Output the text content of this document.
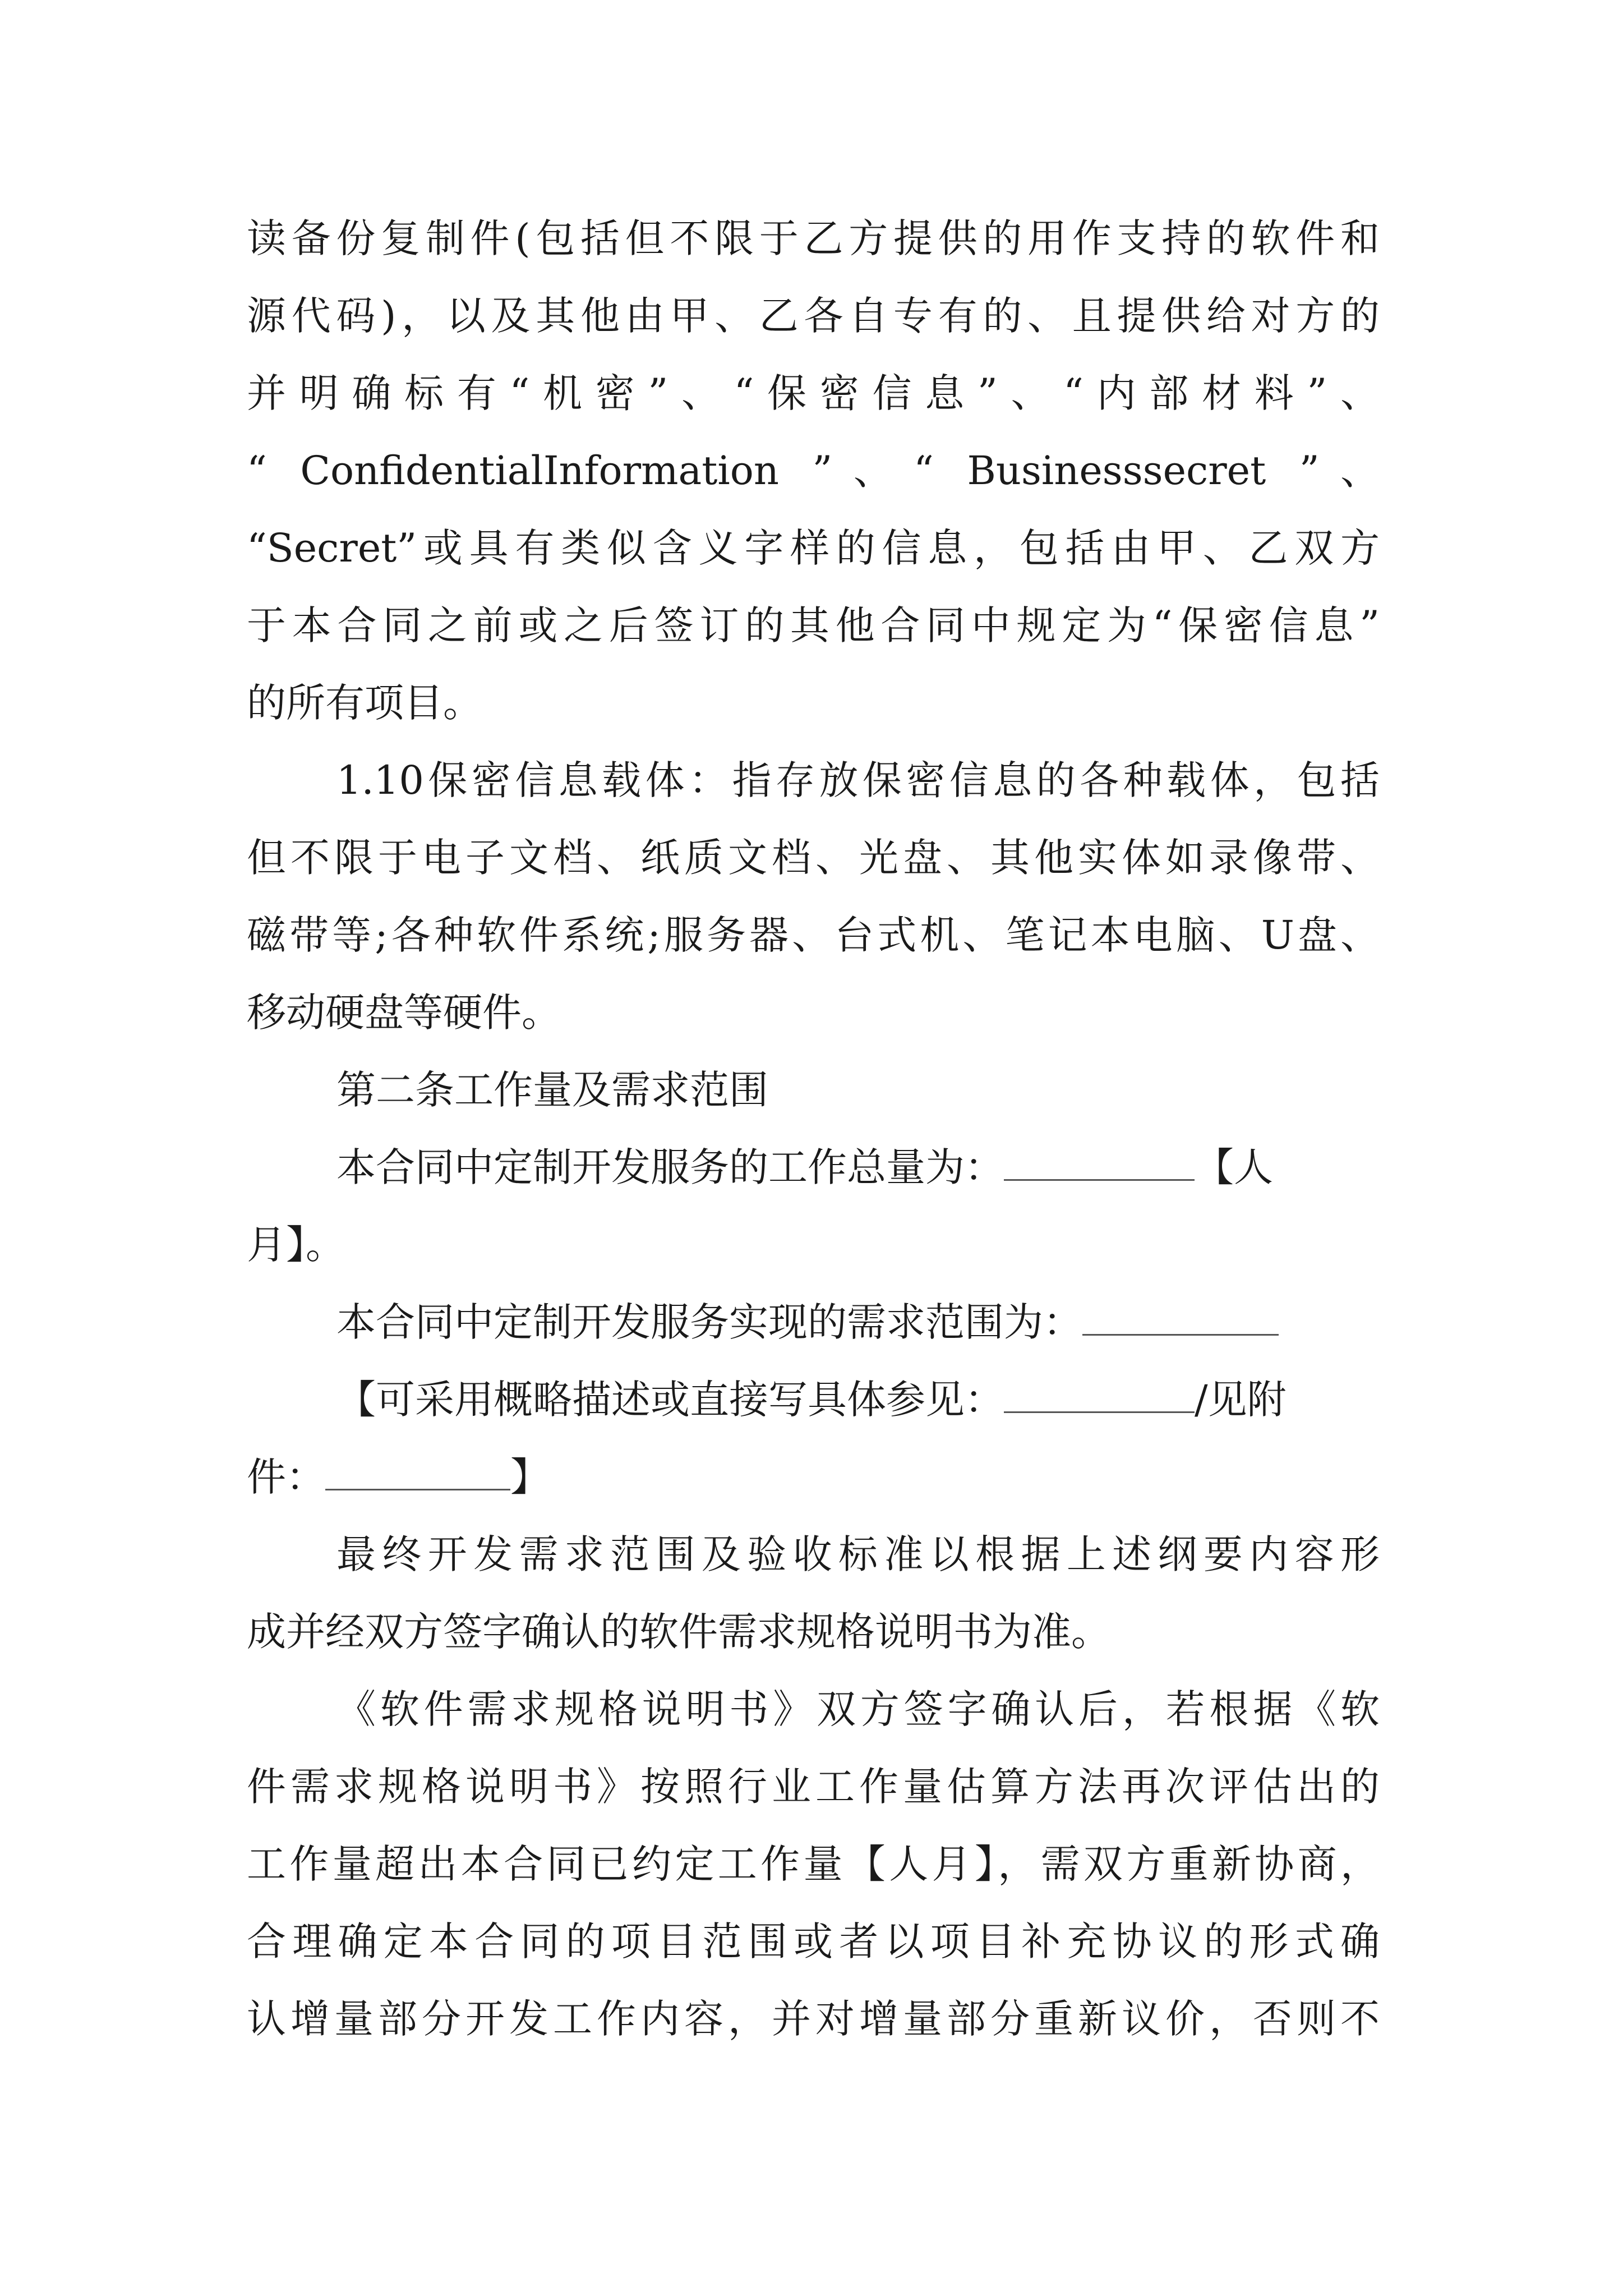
读备份复制件(包括但不限于乙方提供的用作支持的软件和
源代码)，以及其他由甲、乙各自专有的、且提供给对方的
并明确标有“机密”、“保密信息”、“内部材料”、
“ ConfidentialInformation ”、“ Businesssecret ”、
“Secret”或具有类似含义字样的信息，包括由甲、乙双方
于本合同之前或之后签订的其他合同中规定为“保密信息”
的所有项目。
1.10保密信息载体：指存放保密信息的各种载体，包括
但不限于电子文档、纸质文档、光盘、其他实体如录像带、
磁带等;各种软件系统;服务器、台式机、笔记本电脑、U盘、
移动硬盘等硬件。
第二条工作量及需求范围
本合同中定制开发服务的工作总量为：	【人
月】。
本合同中定制开发服务实现的需求范围为：
【可采用概略描述或直接写具体参见：	/见附
件：	】
最终开发需求范围及验收标准以根据上述纲要内容形
成并经双方签字确认的软件需求规格说明书为准。
《软件需求规格说明书》双方签字确认后，若根据《软
件需求规格说明书》按照行业工作量估算方法再次评估出的
工作量超出本合同已约定工作量【人月】，需双方重新协商，
合理确定本合同的项目范围或者以项目补充协议的形式确
认增量部分开发工作内容，并对增量部分重新议价，否则不
